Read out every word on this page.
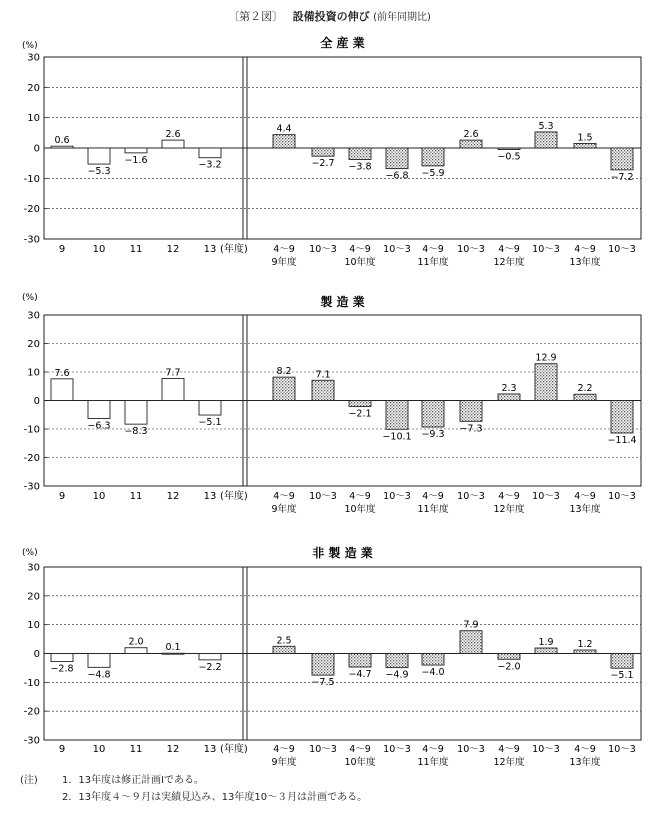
〔第２図〕 設備投資の伸び (前年同期比)
全 産 業
(%)
30
20
10
0
-10
-20
-30
0.6
9
−5.3
10
−1.6
11
2.6
12
−3.2
13 (年度)
4.4
4～9
−2.7
10～3
−3.8
4～9
−6.8
10～3
−5.9
4～9
2.6
10～3
−0.5
4～9
5.3
10～3
1.5
4～9
−7.2
10～3
9年度	10年度	11年度	12年度	13年度
製 造 業
(%)
30
20
10
0
-10
-20
-30
7.6
9
−6.3
10
−8.3
11
7.7
12
−5.1
13 (年度)
8.2
4～9
7.1
10～3
−2.1
4～9
−10.1
10～3
−9.3
4～9
−7.3
10～3
2.3
4～9
12.9
10～3
2.2
4～9
−11.4
10～3
9年度	10年度	11年度	12年度	13年度
非 製 造 業
(%)
30
20
10
0
-10
-20
-30
−2.8
9
−4.8
10
2.0
11
0.1
12
−2.2
13 (年度)
2.5
4～9
−7.5
10～3
−4.7
4～9
−4.9
10～3
−4.0
4～9
7.9
10～3
−2.0
4～9
1.9
10～3
1.2
4～9
−5.1
10～3
9年度	10年度	11年度	12年度	13年度
(注) 1．13年度は修正計画Ⅰである。
2．13年度４～９月は実績見込み、13年度10～３月は計画である。
